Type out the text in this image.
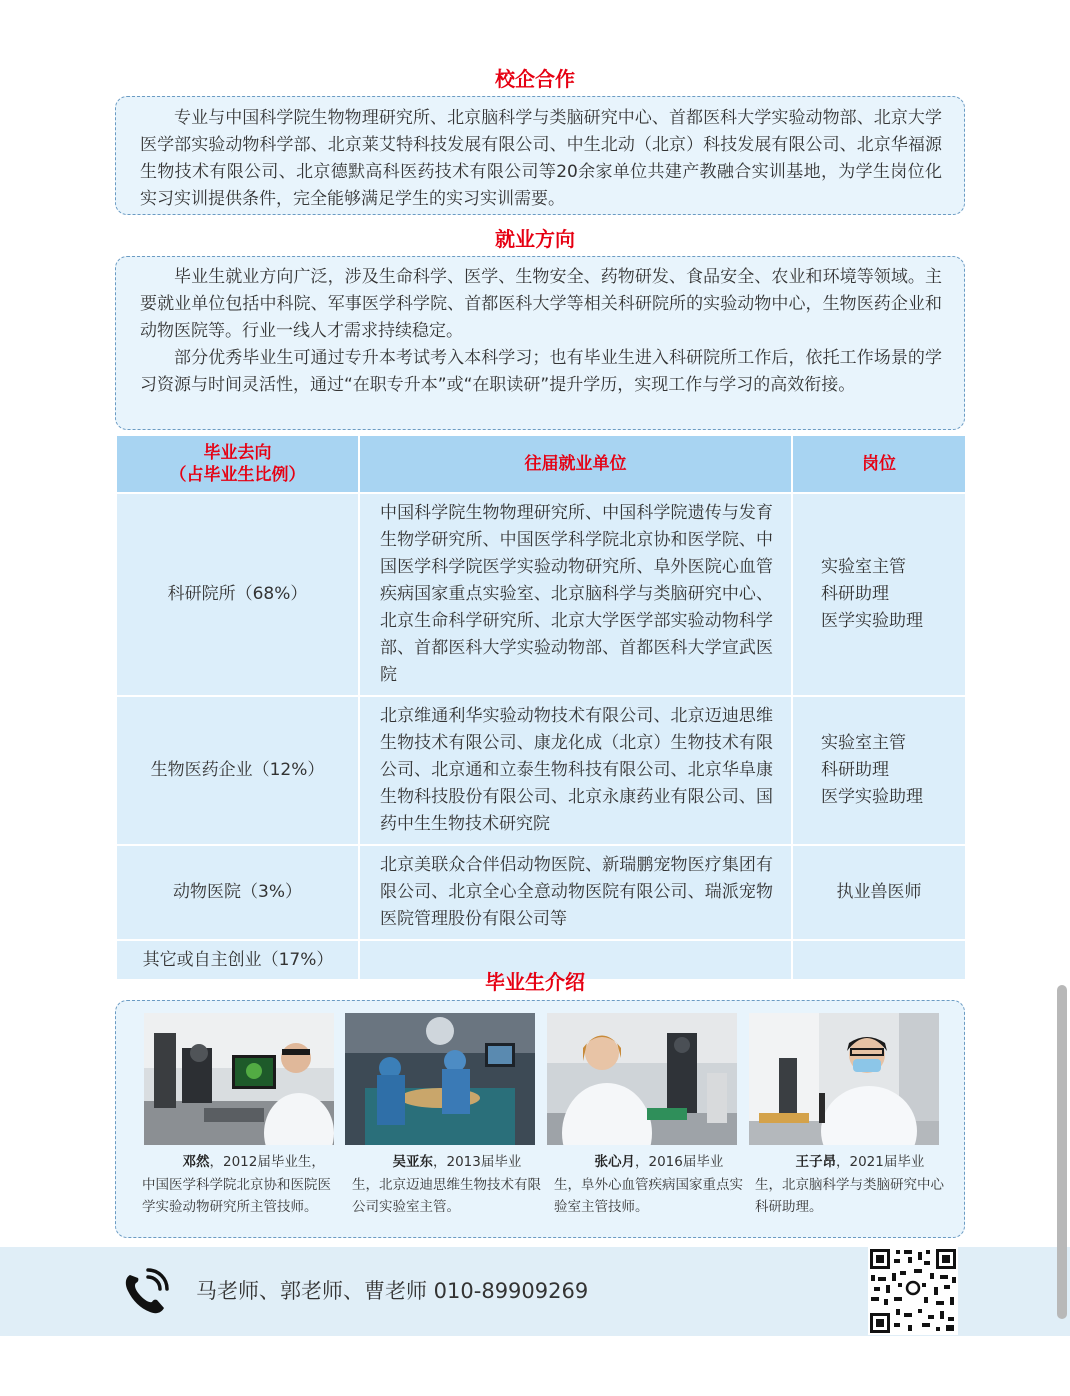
校企合作

专业与中国科学院生物物理研究所、北京脑科学与类脑研究中心、首都医科大学实验动物部、北京大学医学部实验动物科学部、北京莱艾特科技发展有限公司、中生北动（北京）科技发展有限公司、北京华福源生物技术有限公司、北京德默高科医药技术有限公司等20余家单位共建产教融合实训基地，为学生岗位化实习实训提供条件，完全能够满足学生的实习实训需要。

就业方向

毕业生就业方向广泛，涉及生命科学、医学、生物安全、药物研发、食品安全、农业和环境等领域。主要就业单位包括中科院、军事医学科学院、首都医科大学等相关科研院所的实验动物中心，生物医药企业和动物医院等。行业一线人才需求持续稳定。

部分优秀毕业生可通过专升本考试考入本科学习；也有毕业生进入科研院所工作后，依托工作场景的学习资源与时间灵活性，通过“在职专升本”或“在职读研”提升学历，实现工作与学习的高效衔接。

毕业去向
（占毕业生比例）	往届就业单位	岗位
科研院所（68%）	中国科学院生物物理研究所、中国科学院遗传与发育生物学研究所、中国医学科学院北京协和医学院、中国医学科学院医学实验动物研究所、阜外医院心血管疾病国家重点实验室、北京脑科学与类脑研究中心、北京生命科学研究所、北京大学医学部实验动物科学部、首都医科大学实验动物部、首都医科大学宣武医院	实验室主管
科研助理
医学实验助理

生物医药企业（12%）	北京维通利华实验动物技术有限公司、北京迈迪思维生物技术有限公司、康龙化成（北京）生物技术有限公司、北京通和立泰生物科技有限公司、北京华阜康生物科技股份有限公司、北京永康药业有限公司、国药中生生物技术研究院	实验室主管
科研助理
医学实验助理

动物医院（3%）	北京美联众合伴侣动物医院、新瑞鹏宠物医疗集团有限公司、北京全心全意动物医院有限公司、瑞派宠物医院管理股份有限公司等	执业兽医师
其它或自主创业（17%）		
毕业生介绍
邓然，2012届毕业生，中国医学科学院北京协和医院医学实验动物研究所主管技师。
吴亚东，2013届毕业生，北京迈迪思维生物技术有限公司实验室主管。
张心月，2016届毕业生，阜外心血管疾病国家重点实验室主管技师。
王子昂，2021届毕业生，北京脑科学与类脑研究中心科研助理。
马老师、郭老师、曹老师 010-89909269
